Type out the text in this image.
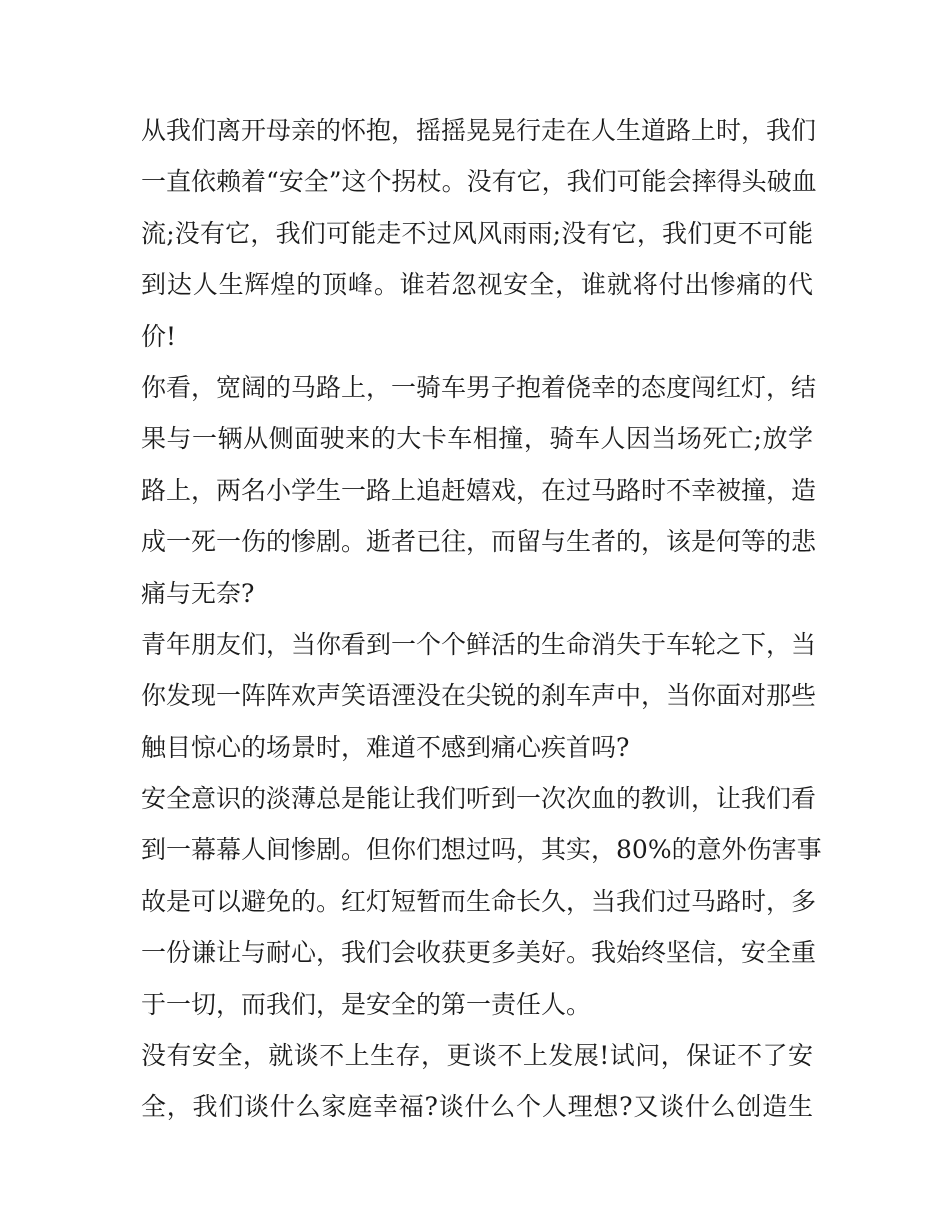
从我们离开母亲的怀抱，摇摇晃晃行走在人生道路上时，我们
一直依赖着“安全”这个拐杖。没有它，我们可能会摔得头破血
流;没有它，我们可能走不过风风雨雨;没有它，我们更不可能
到达人生辉煌的顶峰。谁若忽视安全，谁就将付出惨痛的代
价!
你看，宽阔的马路上，一骑车男子抱着侥幸的态度闯红灯，结
果与一辆从侧面驶来的大卡车相撞，骑车人因当场死亡;放学
路上，两名小学生一路上追赶嬉戏，在过马路时不幸被撞，造
成一死一伤的惨剧。逝者已往，而留与生者的，该是何等的悲
痛与无奈?
青年朋友们，当你看到一个个鲜活的生命消失于车轮之下，当
你发现一阵阵欢声笑语湮没在尖锐的刹车声中，当你面对那些
触目惊心的场景时，难道不感到痛心疾首吗?
安全意识的淡薄总是能让我们听到一次次血的教训，让我们看
到一幕幕人间惨剧。但你们想过吗，其实，80%的意外伤害事
故是可以避免的。红灯短暂而生命长久，当我们过马路时，多
一份谦让与耐心，我们会收获更多美好。我始终坚信，安全重
于一切，而我们，是安全的第一责任人。
没有安全，就谈不上生存，更谈不上发展!试问，保证不了安
全，我们谈什么家庭幸福?谈什么个人理想?又谈什么创造生
